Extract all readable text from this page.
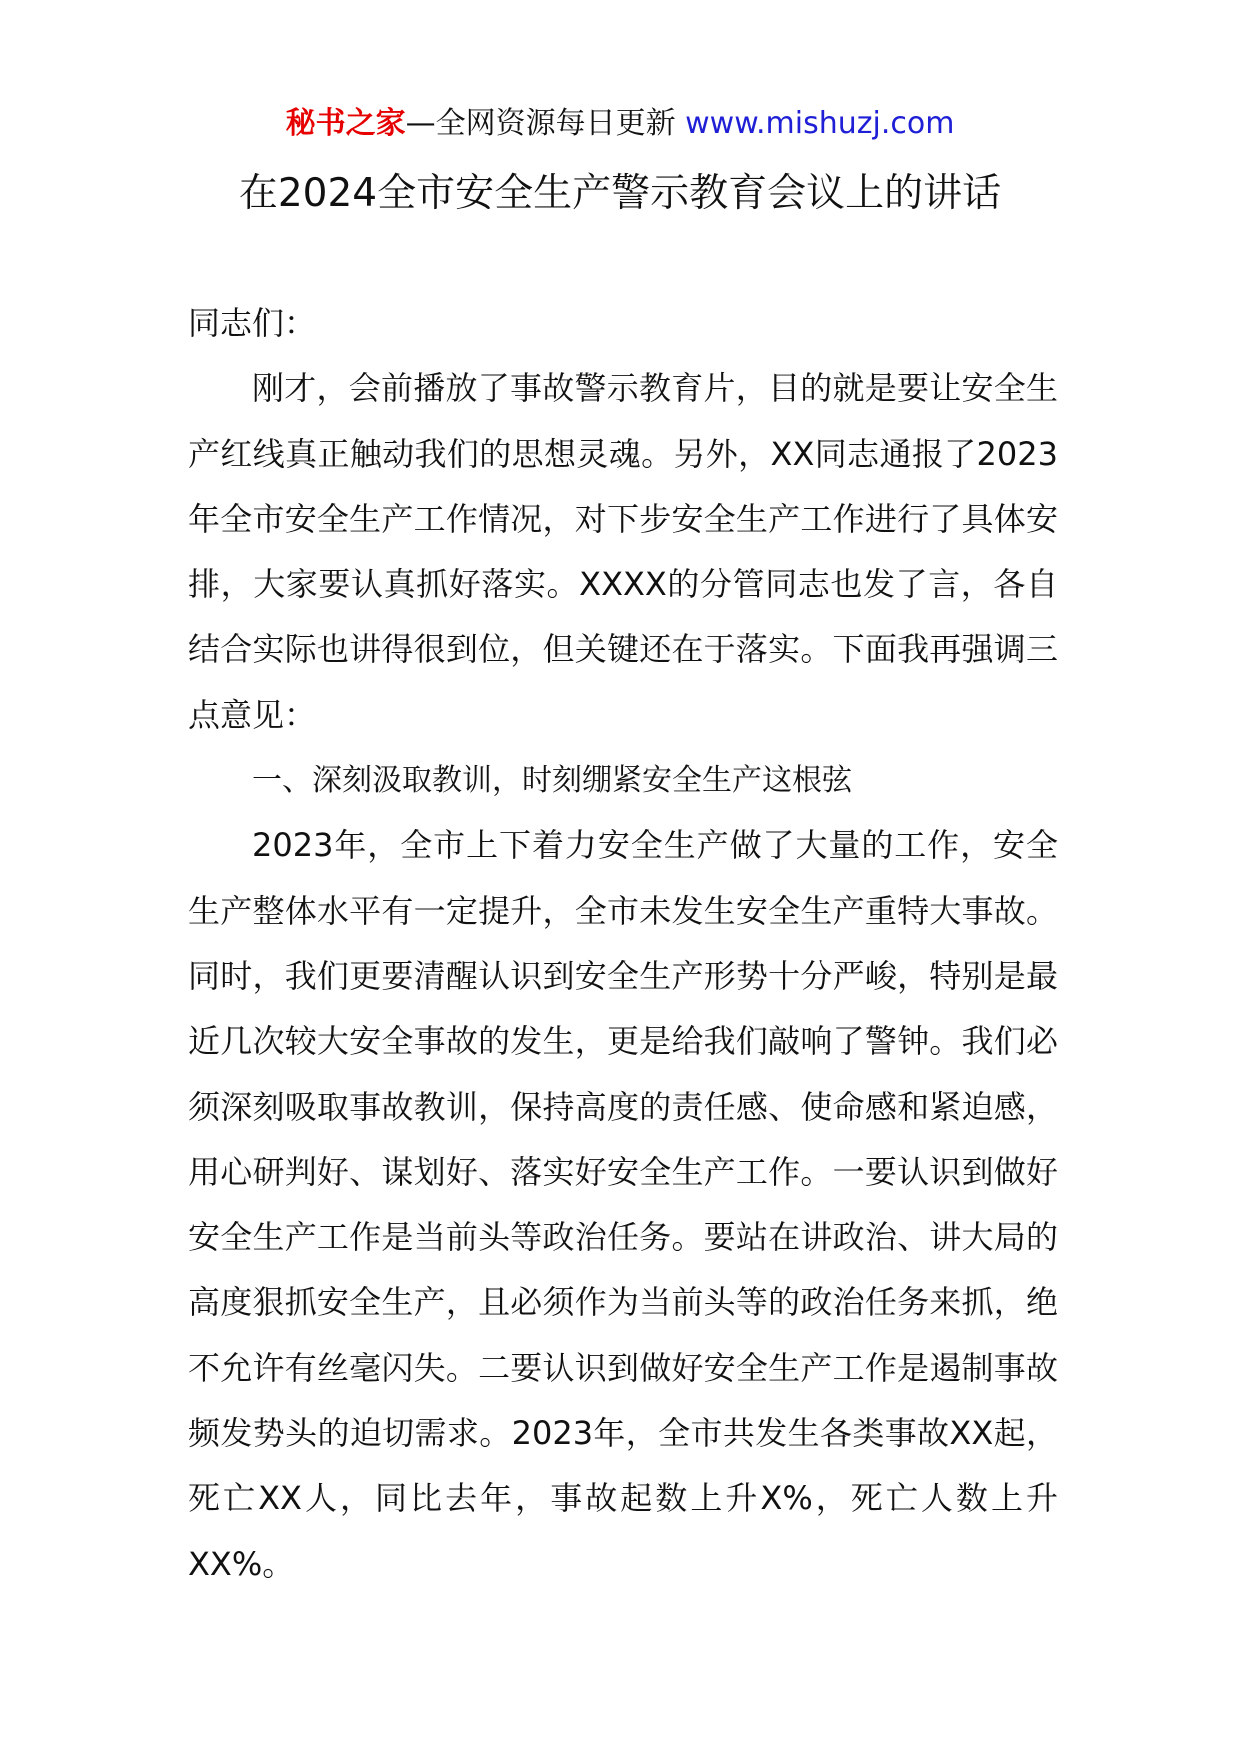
秘书之家—全网资源每日更新 www.mishuzj.com
在2024全市安全生产警示教育会议上的讲话

同志们：

刚才，会前播放了事故警示教育片，目的就是要让安全生产红线真正触动我们的思想灵魂。另外，XX同志通报了2023年全市安全生产工作情况，对下步安全生产工作进行了具体安排，大家要认真抓好落实。XXXX的分管同志也发了言，各自结合实际也讲得很到位，但关键还在于落实。下面我再强调三点意见：

一、深刻汲取教训，时刻绷紧安全生产这根弦

2023年，全市上下着力安全生产做了大量的工作，安全生产整体水平有一定提升，全市未发生安全生产重特大事故。同时，我们更要清醒认识到安全生产形势十分严峻，特别是最近几次较大安全事故的发生，更是给我们敲响了警钟。我们必须深刻吸取事故教训，保持高度的责任感、使命感和紧迫感，用心研判好、谋划好、落实好安全生产工作。一要认识到做好安全生产工作是当前头等政治任务。要站在讲政治、讲大局的高度狠抓安全生产，且必须作为当前头等的政治任务来抓，绝不允许有丝毫闪失。二要认识到做好安全生产工作是遏制事故频发势头的迫切需求。2023年，全市共发生各类事故XX起，死亡XX人，同比去年，事故起数上升X%，死亡人数上升XX%。
